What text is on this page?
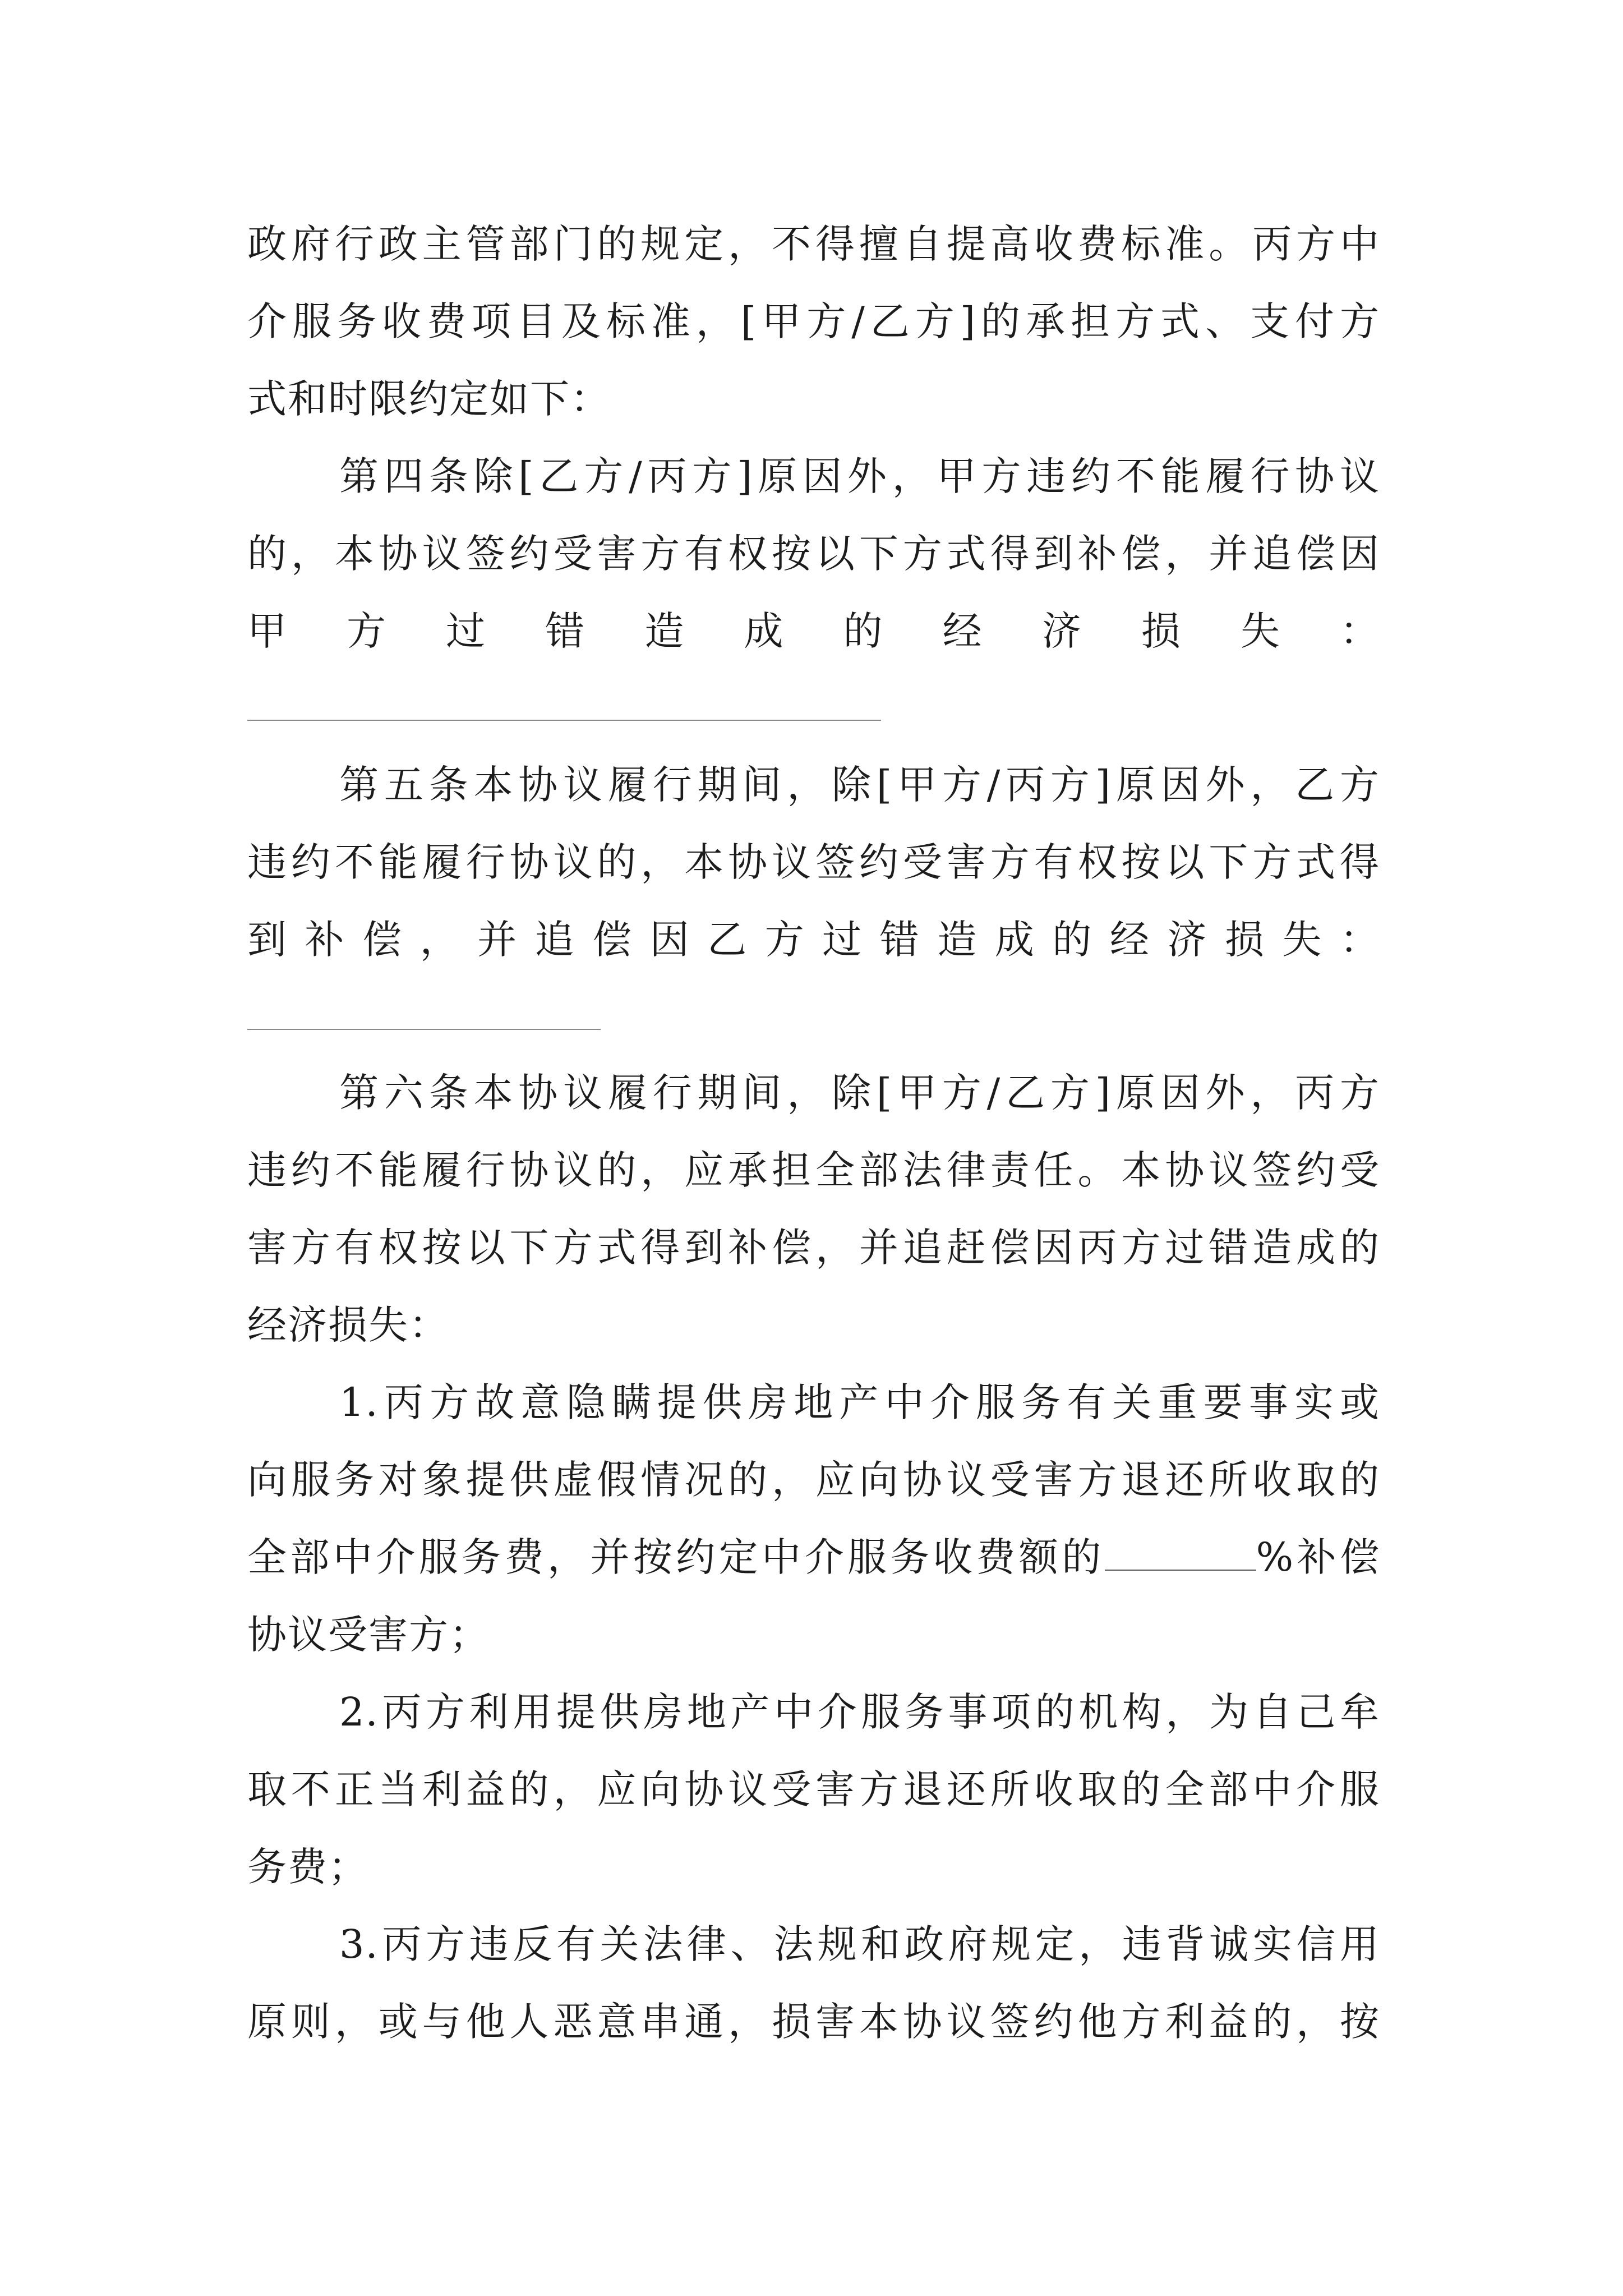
政府行政主管部门的规定，不得擅自提高收费标准。丙方中
介服务收费项目及标准，[甲方/乙方]的承担方式、支付方
式和时限约定如下：
第四条除[乙方/丙方]原因外，甲方违约不能履行协议
的，本协议签约受害方有权按以下方式得到补偿，并追偿因
甲方过错造成的经济损失：
第五条本协议履行期间，除[甲方/丙方]原因外，乙方
违约不能履行协议的，本协议签约受害方有权按以下方式得
到补偿，并追偿因乙方过错造成的经济损失：
第六条本协议履行期间，除[甲方/乙方]原因外，丙方
违约不能履行协议的，应承担全部法律责任。本协议签约受
害方有权按以下方式得到补偿，并追赶偿因丙方过错造成的
经济损失：
1.丙方故意隐瞒提供房地产中介服务有关重要事实或
向服务对象提供虚假情况的，应向协议受害方退还所收取的
全部中介服务费，并按约定中介服务收费额的	%补偿
协议受害方；
2.丙方利用提供房地产中介服务事项的机构，为自己牟
取不正当利益的，应向协议受害方退还所收取的全部中介服
务费；
3.丙方违反有关法律、法规和政府规定，违背诚实信用
原则，或与他人恶意串通，损害本协议签约他方利益的，按
